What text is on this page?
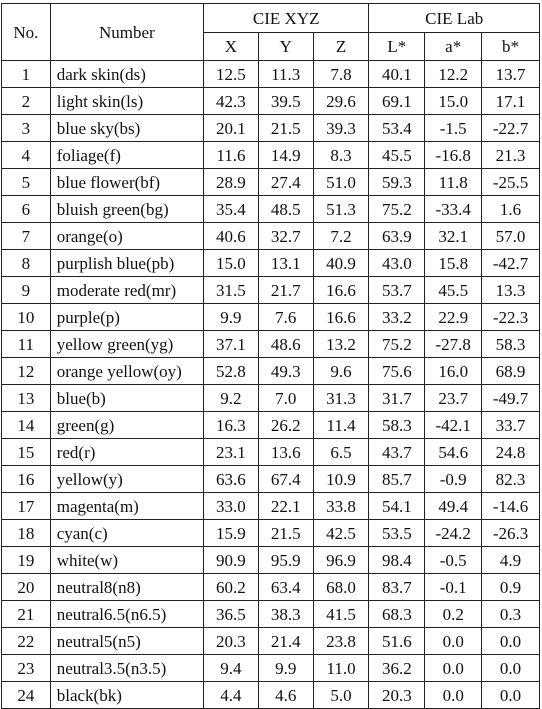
No.	Number	CIE XYZ			CIE Lab		
		X	Y	Z	L*	a*	b*
1	dark skin(ds)	12.5	11.3	7.8	40.1	12.2	13.7
2	light skin(ls)	42.3	39.5	29.6	69.1	15.0	17.1
3	blue sky(bs)	20.1	21.5	39.3	53.4	-1.5	-22.7
4	foliage(f)	11.6	14.9	8.3	45.5	-16.8	21.3
5	blue flower(bf)	28.9	27.4	51.0	59.3	11.8	-25.5
6	bluish green(bg)	35.4	48.5	51.3	75.2	-33.4	1.6
7	orange(o)	40.6	32.7	7.2	63.9	32.1	57.0
8	purplish blue(pb)	15.0	13.1	40.9	43.0	15.8	-42.7
9	moderate red(mr)	31.5	21.7	16.6	53.7	45.5	13.3
10	purple(p)	9.9	7.6	16.6	33.2	22.9	-22.3
11	yellow green(yg)	37.1	48.6	13.2	75.2	-27.8	58.3
12	orange yellow(oy)	52.8	49.3	9.6	75.6	16.0	68.9
13	blue(b)	9.2	7.0	31.3	31.7	23.7	-49.7
14	green(g)	16.3	26.2	11.4	58.3	-42.1	33.7
15	red(r)	23.1	13.6	6.5	43.7	54.6	24.8
16	yellow(y)	63.6	67.4	10.9	85.7	-0.9	82.3
17	magenta(m)	33.0	22.1	33.8	54.1	49.4	-14.6
18	cyan(c)	15.9	21.5	42.5	53.5	-24.2	-26.3
19	white(w)	90.9	95.9	96.9	98.4	-0.5	4.9
20	neutral8(n8)	60.2	63.4	68.0	83.7	-0.1	0.9
21	neutral6.5(n6.5)	36.5	38.3	41.5	68.3	0.2	0.3
22	neutral5(n5)	20.3	21.4	23.8	51.6	0.0	0.0
23	neutral3.5(n3.5)	9.4	9.9	11.0	36.2	0.0	0.0
24	black(bk)	4.4	4.6	5.0	20.3	0.0	0.0
